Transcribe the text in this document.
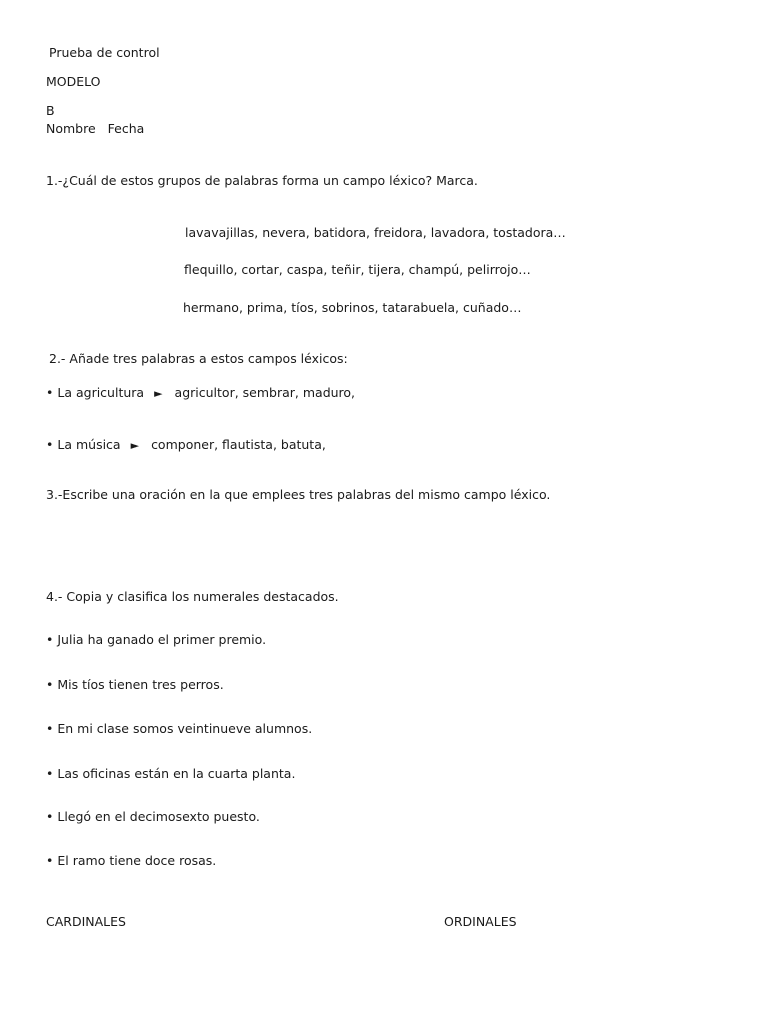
Prueba de control
MODELO
B
Nombre Fecha
1.-¿Cuál de estos grupos de palabras forma un campo léxico? Marca.
lavavajillas, nevera, batidora, freidora, lavadora, tostadora…
flequillo, cortar, caspa, teñir, tijera, champú, pelirrojo…
hermano, prima, tíos, sobrinos, tatarabuela, cuñado…
2.- Añade tres palabras a estos campos léxicos:
• La agricultura ► agricultor, sembrar, maduro,
• La música ► componer, flautista, batuta,
3.-Escribe una oración en la que emplees tres palabras del mismo campo léxico.
4.- Copia y clasifica los numerales destacados.
• Julia ha ganado el primer premio.
• Mis tíos tienen tres perros.
• En mi clase somos veintinueve alumnos.
• Las oficinas están en la cuarta planta.
• Llegó en el decimosexto puesto.
• El ramo tiene doce rosas.
CARDINALES	ORDINALES
